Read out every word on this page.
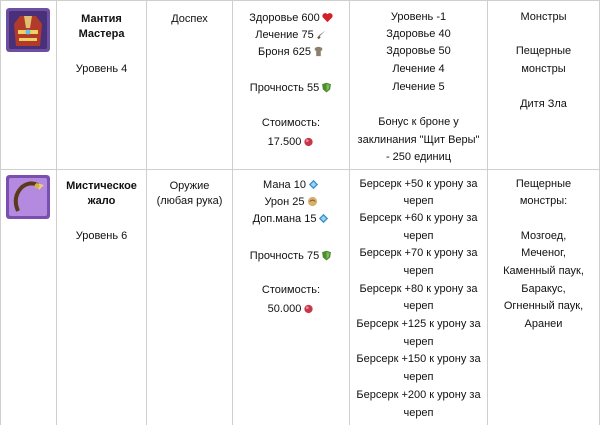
Мантия
Мастера
Уровень 4
Доспех	Здоровье 600
Лечение 75
Броня 625
Прочность 55
Стоимость:
17.500
Уровень -1
Здоровье 40
Здоровье 50
Лечение 4
Лечение 5
Бонус к броне у
заклинания "Щит Веры"
- 250 единиц
Монстры
Пещерные
монстры
Дитя Зла
Мистическое
жало
Уровень 6
Оружие
(любая рука)
Мана 10
Урон 25
Доп.мана 15
Прочность 75
Стоимость:
50.000
Берсерк +50 к урону за
череп
Берсерк +60 к урону за
череп
Берсерк +70 к урону за
череп
Берсерк +80 к урону за
череп
Берсерк +125 к урону за
череп
Берсерк +150 к урону за
череп
Берсерк +200 к урону за
череп
Пещерные
монстры:
Мозгоед,
Меченог,
Каменный паук,
Баракус,
Огненный паук,
Аранеи
